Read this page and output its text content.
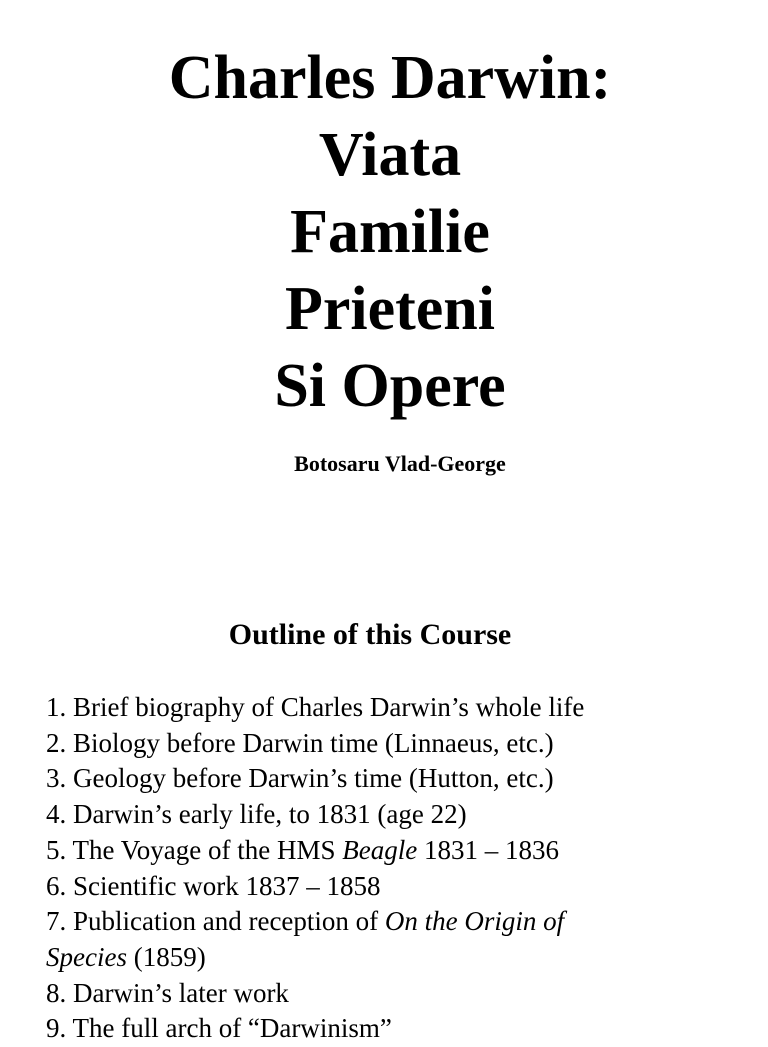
Charles Darwin:
Viata
Familie
Prieteni
Si Opere
Botosaru Vlad-George
Outline of this Course
1. Brief biography of Charles Darwin’s whole life
2. Biology before Darwin time (Linnaeus, etc.)
3. Geology before Darwin’s time (Hutton, etc.)
4. Darwin’s early life, to 1831 (age 22)
5. The Voyage of the HMS Beagle 1831 – 1836
6. Scientific work 1837 – 1858
7. Publication and reception of On the Origin of
Species (1859)
8. Darwin’s later work
9. The full arch of “Darwinism”
